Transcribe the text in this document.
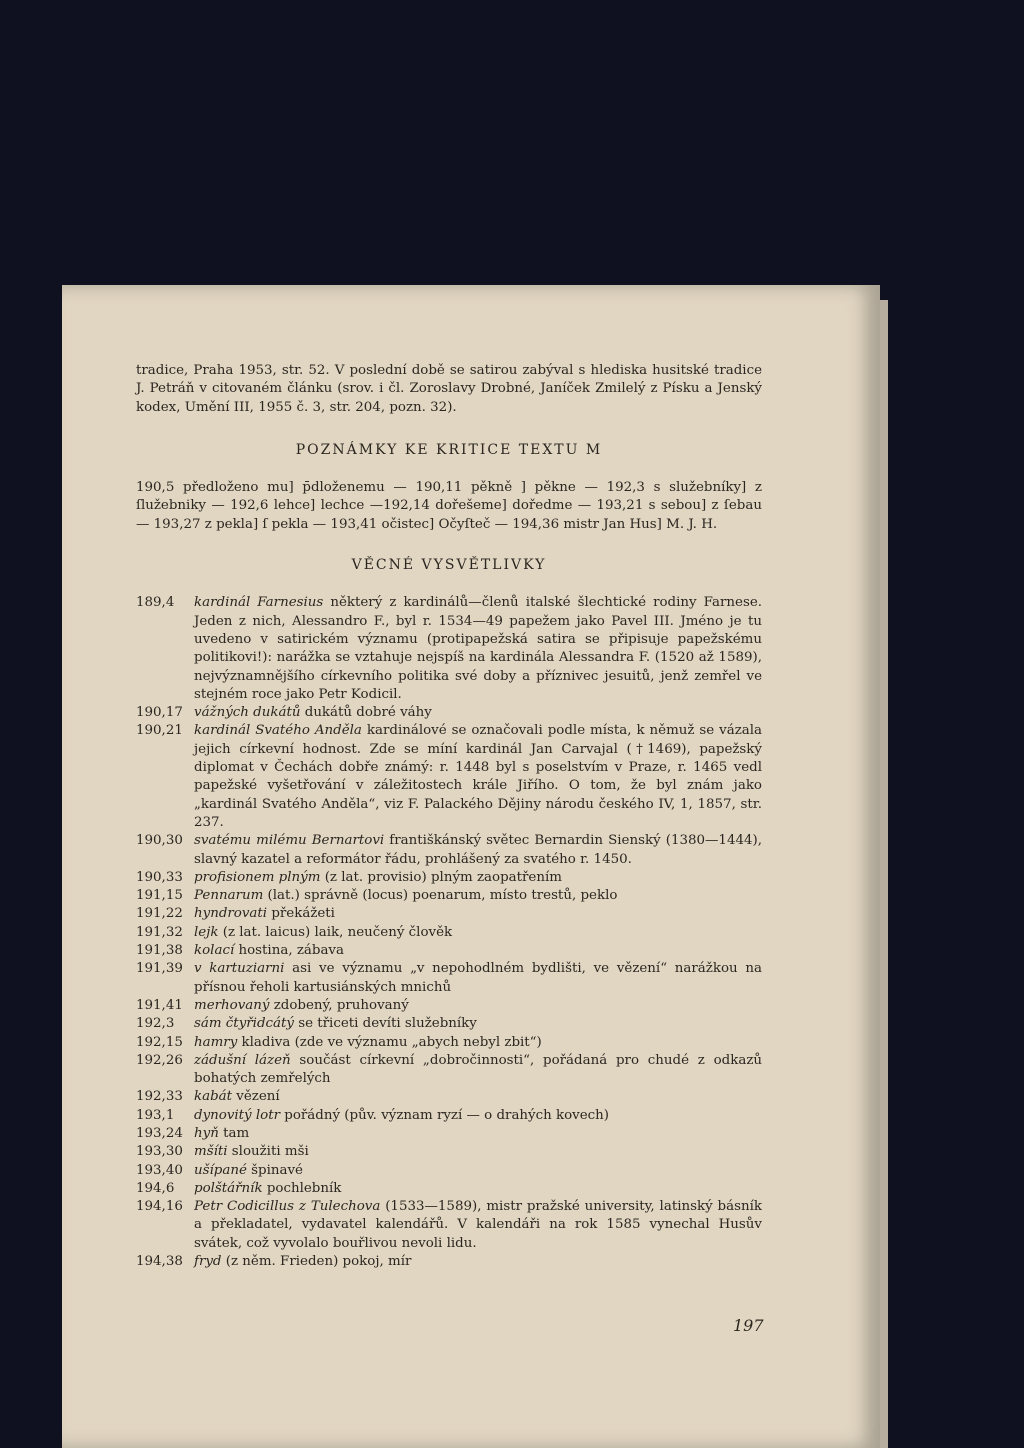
tradice, Praha 1953, str. 52. V poslední době se satirou zabýval s hlediska husitské tradice J. Petráň v citovaném článku (srov. i čl. Zoroslavy Drobné, Janíček Zmilelý z Písku a Jenský kodex, Umění III, 1955 č. 3, str. 204, pozn. 32).

POZNÁMKY KE KRITICE TEXTU M

190,5 předloženo mu] p̄dloženemu — 190,11 pěkně ] pěkne — 192,3 s služebníky] z ſlužebniky — 192,6 lehce] lechce —192,14 dořešeme] doředme — 193,21 s sebou] z ſebau — 193,27 z pekla] ſ pekla — 193,41 očistec] Očyſteč — 194,36 mistr Jan Hus] M. J. H.

VĚCNÉ VYSVĚTLIVKY

189,4	kardinál Farnesius některý z kardinálů—členů italské šlechtické rodiny Farnese. Jeden z nich, Alessandro F., byl r. 1534—49 papežem jako Pavel III. Jméno je tu uvedeno v satirickém významu (protipapežská satira se připisuje papežskému politikovi!): narážka se vztahuje nejspíš na kardinála Alessandra F. (1520 až 1589), nejvýznamnějšího církevního politika své doby a příznivec jesuitů, jenž zemřel ve stejném roce jako Petr Kodicil.
190,17 vážných dukátů dukátů dobré váhy
190,21 kardinál Svatého Anděla kardinálové se označovali podle místa, k němuž se vázala jejich církevní hodnost. Zde se míní kardinál Jan Carvajal (†1469), papežský diplomat v Čechách dobře známý: r. 1448 byl s poselstvím v Praze, r. 1465 vedl papežské vyšetřování v záležitostech krále Jiřího. O tom, že byl znám jako „kardinál Svatého Anděla“, viz F. Palackého Dějiny národu českého IV, 1, 1857, str. 237.
190,30 svatému milému Bernartovi františkánský světec Bernardin Sienský (1380—1444), slavný kazatel a reformátor řádu, prohlášený za svatého r. 1450.
190,33 profisionem plným (z lat. provisio) plným zaopatřením
191,15 Pennarum (lat.) správně (locus) poenarum, místo trestů, peklo
191,22 hyndrovati překážeti
191,32 lejk (z lat. laicus) laik, neučený člověk
191,38 kolací hostina, zábava
191,39 v kartuziarni asi ve významu „v nepohodlném bydlišti, ve vězení“ narážkou na přísnou řeholi kartusiánských mnichů
191,41 merhovaný zdobený, pruhovaný
192,3	sám čtyřidcátý se třiceti devíti služebníky
192,15 hamry kladiva (zde ve významu „abych nebyl zbit“)
192,26 zádušní lázeň součást církevní „dobročinnosti“, pořádaná pro chudé z odkazů bohatých zemřelých
192,33 kabát vězení
193,1	dynovitý lotr pořádný (pův. význam ryzí — o drahých kovech)
193,24 hyň tam
193,30 mšíti sloužiti mši
193,40 ušípané špinavé
194,6	polštářník pochlebník
194,16 Petr Codicillus z Tulechova (1533—1589), mistr pražské university, latinský básník a překladatel, vydavatel kalendářů. V kalendáři na rok 1585 vynechal Husův svátek, což vyvolalo bouřlivou nevoli lidu.
194,38 fryd (z něm. Frieden) pokoj, mír
197
